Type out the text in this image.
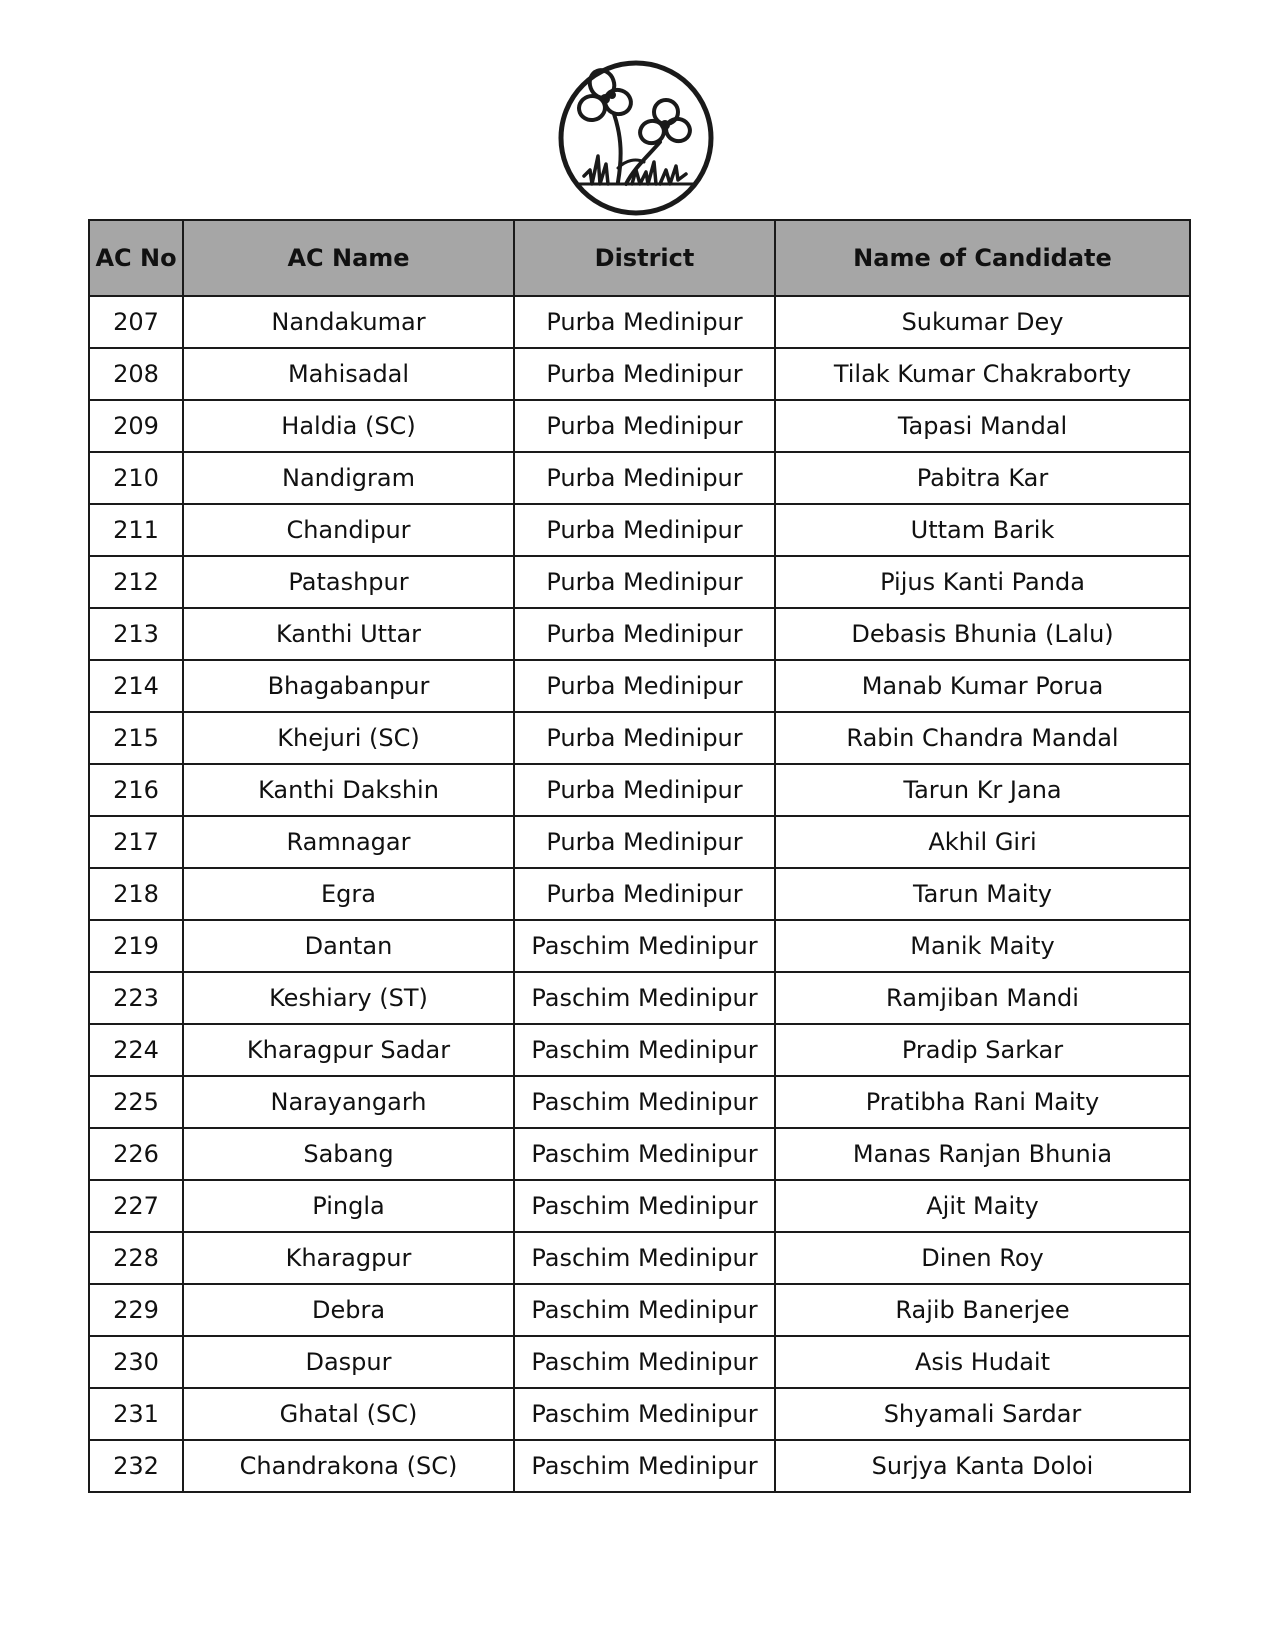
AC No	AC Name	District	Name of Candidate
207	Nandakumar	Purba Medinipur	Sukumar Dey
208	Mahisadal	Purba Medinipur	Tilak Kumar Chakraborty
209	Haldia (SC)	Purba Medinipur	Tapasi Mandal
210	Nandigram	Purba Medinipur	Pabitra Kar
211	Chandipur	Purba Medinipur	Uttam Barik
212	Patashpur	Purba Medinipur	Pijus Kanti Panda
213	Kanthi Uttar	Purba Medinipur	Debasis Bhunia (Lalu)
214	Bhagabanpur	Purba Medinipur	Manab Kumar Porua
215	Khejuri (SC)	Purba Medinipur	Rabin Chandra Mandal
216	Kanthi Dakshin	Purba Medinipur	Tarun Kr Jana
217	Ramnagar	Purba Medinipur	Akhil Giri
218	Egra	Purba Medinipur	Tarun Maity
219	Dantan	Paschim Medinipur	Manik Maity
223	Keshiary (ST)	Paschim Medinipur	Ramjiban Mandi
224	Kharagpur Sadar	Paschim Medinipur	Pradip Sarkar
225	Narayangarh	Paschim Medinipur	Pratibha Rani Maity
226	Sabang	Paschim Medinipur	Manas Ranjan Bhunia
227	Pingla	Paschim Medinipur	Ajit Maity
228	Kharagpur	Paschim Medinipur	Dinen Roy
229	Debra	Paschim Medinipur	Rajib Banerjee
230	Daspur	Paschim Medinipur	Asis Hudait
231	Ghatal (SC)	Paschim Medinipur	Shyamali Sardar
232	Chandrakona (SC)	Paschim Medinipur	Surjya Kanta Doloi
